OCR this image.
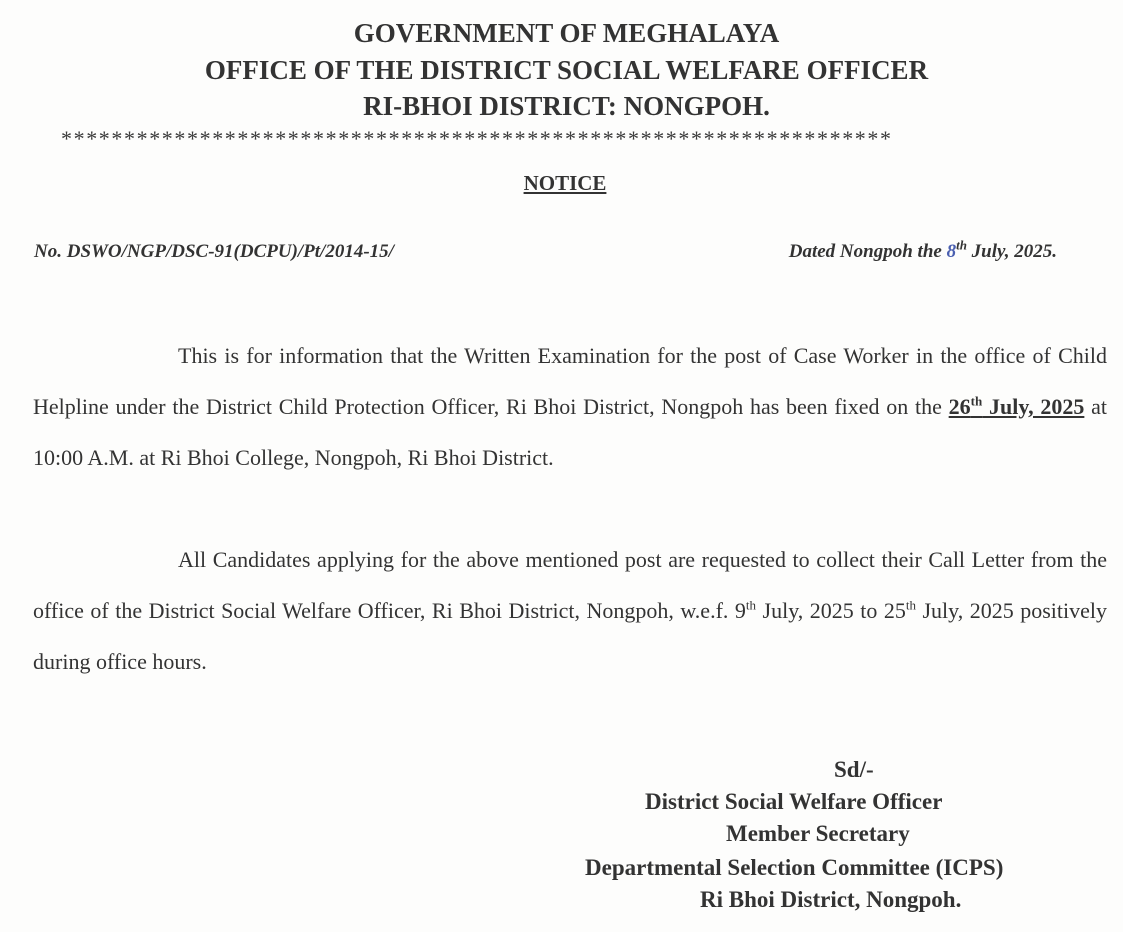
GOVERNMENT OF MEGHALAYA
OFFICE OF THE DISTRICT SOCIAL WELFARE OFFICER
RI-BHOI DISTRICT: NONGPOH.
******************************************************************
NOTICE
No. DSWO/NGP/DSC-91(DCPU)/Pt/2014-15/	Dated Nongpoh the 8th July, 2025.
This is for information that the Written Examination for the post of Case Worker in the office of Child Helpline under the District Child Protection Officer, Ri Bhoi District, Nongpoh has been fixed on the 26th July, 2025 at 10:00 A.M. at Ri Bhoi College, Nongpoh, Ri Bhoi District.
All Candidates applying for the above mentioned post are requested to collect their Call Letter from the office of the District Social Welfare Officer, Ri Bhoi District, Nongpoh, w.e.f. 9th July, 2025 to 25th July, 2025 positively during office hours.
Sd/-
District Social Welfare Officer
Member Secretary
Departmental Selection Committee (ICPS)
Ri Bhoi District, Nongpoh.
